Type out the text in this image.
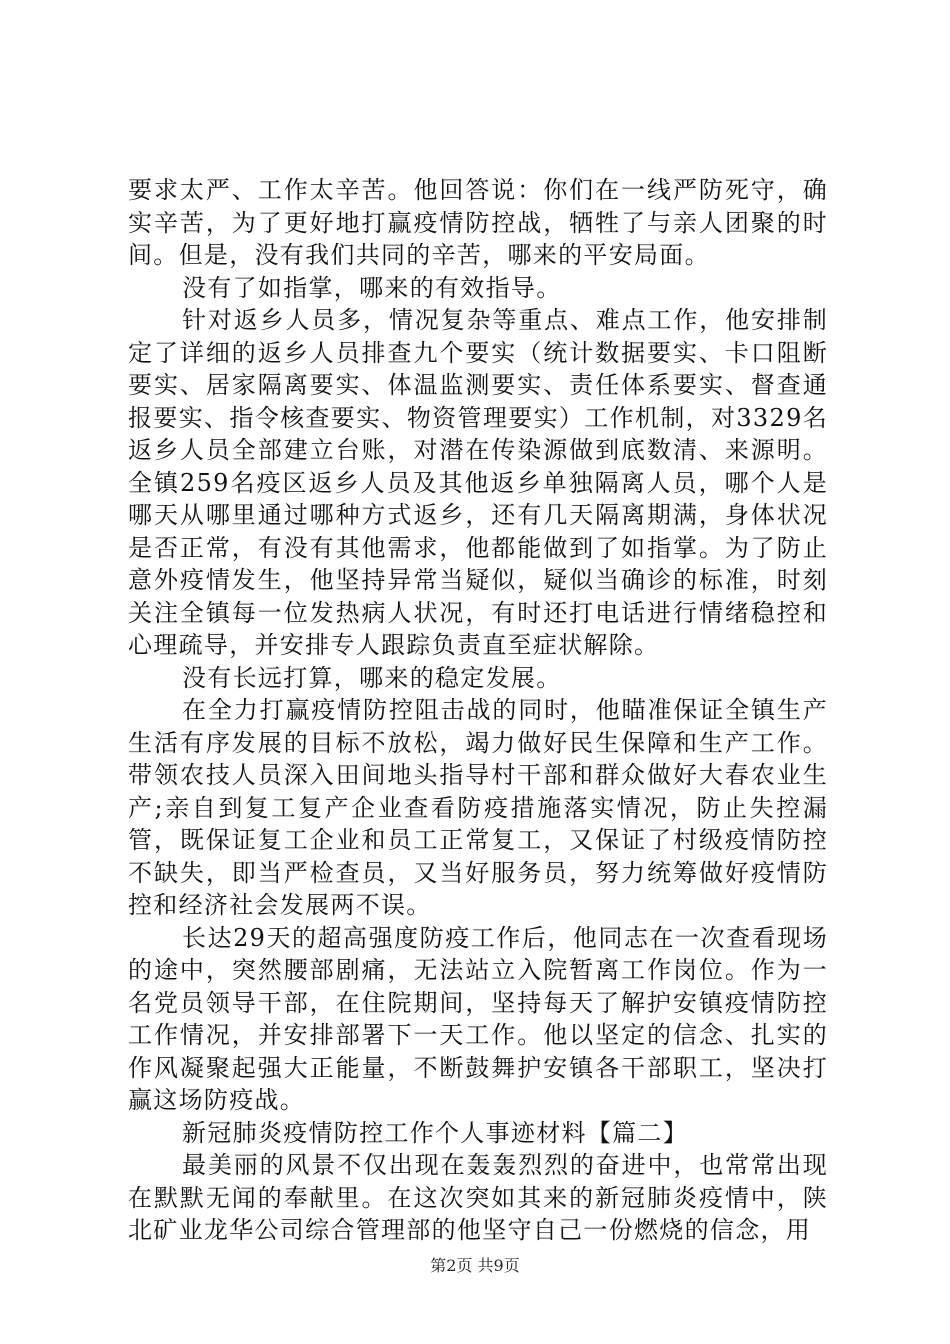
要求太严、工作太辛苦。他回答说：你们在一线严防死守，确实辛苦，为了更好地打赢疫情防控战，牺牲了与亲人团聚的时间。但是，没有我们共同的辛苦，哪来的平安局面。

没有了如指掌，哪来的有效指导。

针对返乡人员多，情况复杂等重点、难点工作，他安排制定了详细的返乡人员排查九个要实（统计数据要实、卡口阻断要实、居家隔离要实、体温监测要实、责任体系要实、督查通报要实、指令核查要实、物资管理要实）工作机制，对3329名返乡人员全部建立台账，对潜在传染源做到底数清、来源明。全镇259名疫区返乡人员及其他返乡单独隔离人员，哪个人是哪天从哪里通过哪种方式返乡，还有几天隔离期满，身体状况是否正常，有没有其他需求，他都能做到了如指掌。为了防止意外疫情发生，他坚持异常当疑似，疑似当确诊的标准，时刻关注全镇每一位发热病人状况，有时还打电话进行情绪稳控和心理疏导，并安排专人跟踪负责直至症状解除。

没有长远打算，哪来的稳定发展。

在全力打赢疫情防控阻击战的同时，他瞄准保证全镇生产生活有序发展的目标不放松，竭力做好民生保障和生产工作。带领农技人员深入田间地头指导村干部和群众做好大春农业生产;亲自到复工复产企业查看防疫措施落实情况，防止失控漏管，既保证复工企业和员工正常复工，又保证了村级疫情防控不缺失，即当严检查员，又当好服务员，努力统筹做好疫情防控和经济社会发展两不误。

长达29天的超高强度防疫工作后，他同志在一次查看现场的途中，突然腰部剧痛，无法站立入院暂离工作岗位。作为一名党员领导干部，在住院期间，坚持每天了解护安镇疫情防控工作情况，并安排部署下一天工作。他以坚定的信念、扎实的作风凝聚起强大正能量，不断鼓舞护安镇各干部职工，坚决打赢这场防疫战。

新冠肺炎疫情防控工作个人事迹材料【篇二】

最美丽的风景不仅出现在轰轰烈烈的奋进中，也常常出现在默默无闻的奉献里。在这次突如其来的新冠肺炎疫情中，陕北矿业龙华公司综合管理部的他坚守自己一份燃烧的信念，用

第2页 共9页
